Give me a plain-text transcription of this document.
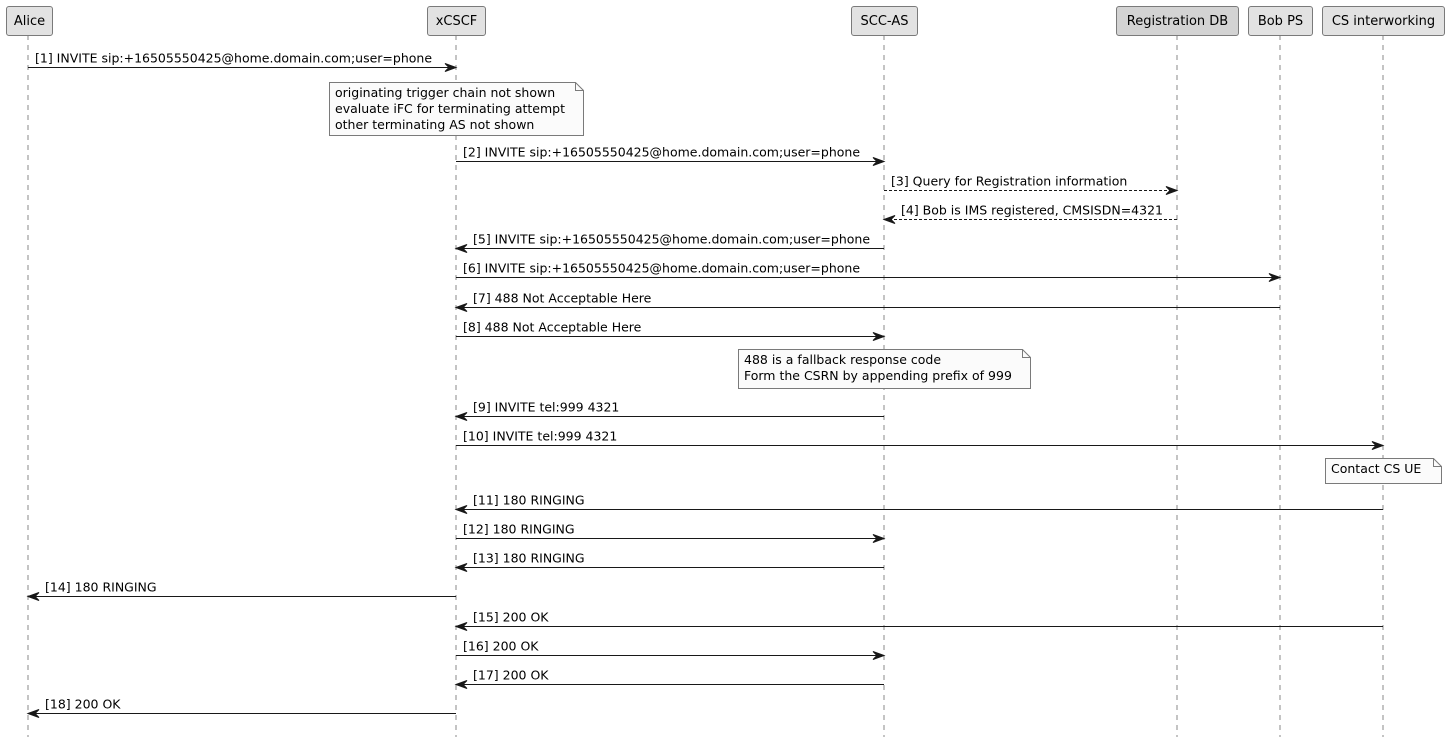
Alice	xCSCF	SCC-AS	Registration DB Bob PS CS interworking
[1] INVITE sip:+16505550425@home.domain.com;user=phone
[2] INVITE sip:+16505550425@home.domain.com;user=phone
[3] Query for Registration information
[4] Bob is IMS registered, CMSISDN=4321
[5] INVITE sip:+16505550425@home.domain.com;user=phone
[6] INVITE sip:+16505550425@home.domain.com;user=phone
[7] 488 Not Acceptable Here
[8] 488 Not Acceptable Here
[9] INVITE tel:999 4321
[10] INVITE tel:999 4321
[11] 180 RINGING
[12] 180 RINGING
[13] 180 RINGING
[14] 180 RINGING
[15] 200 OK
[16] 200 OK
[17] 200 OK
[18] 200 OK
originating trigger chain not shown
evaluate iFC for terminating attempt
other terminating AS not shown
488 is a fallback response code
Form the CSRN by appending prefix of 999
Contact CS UE
